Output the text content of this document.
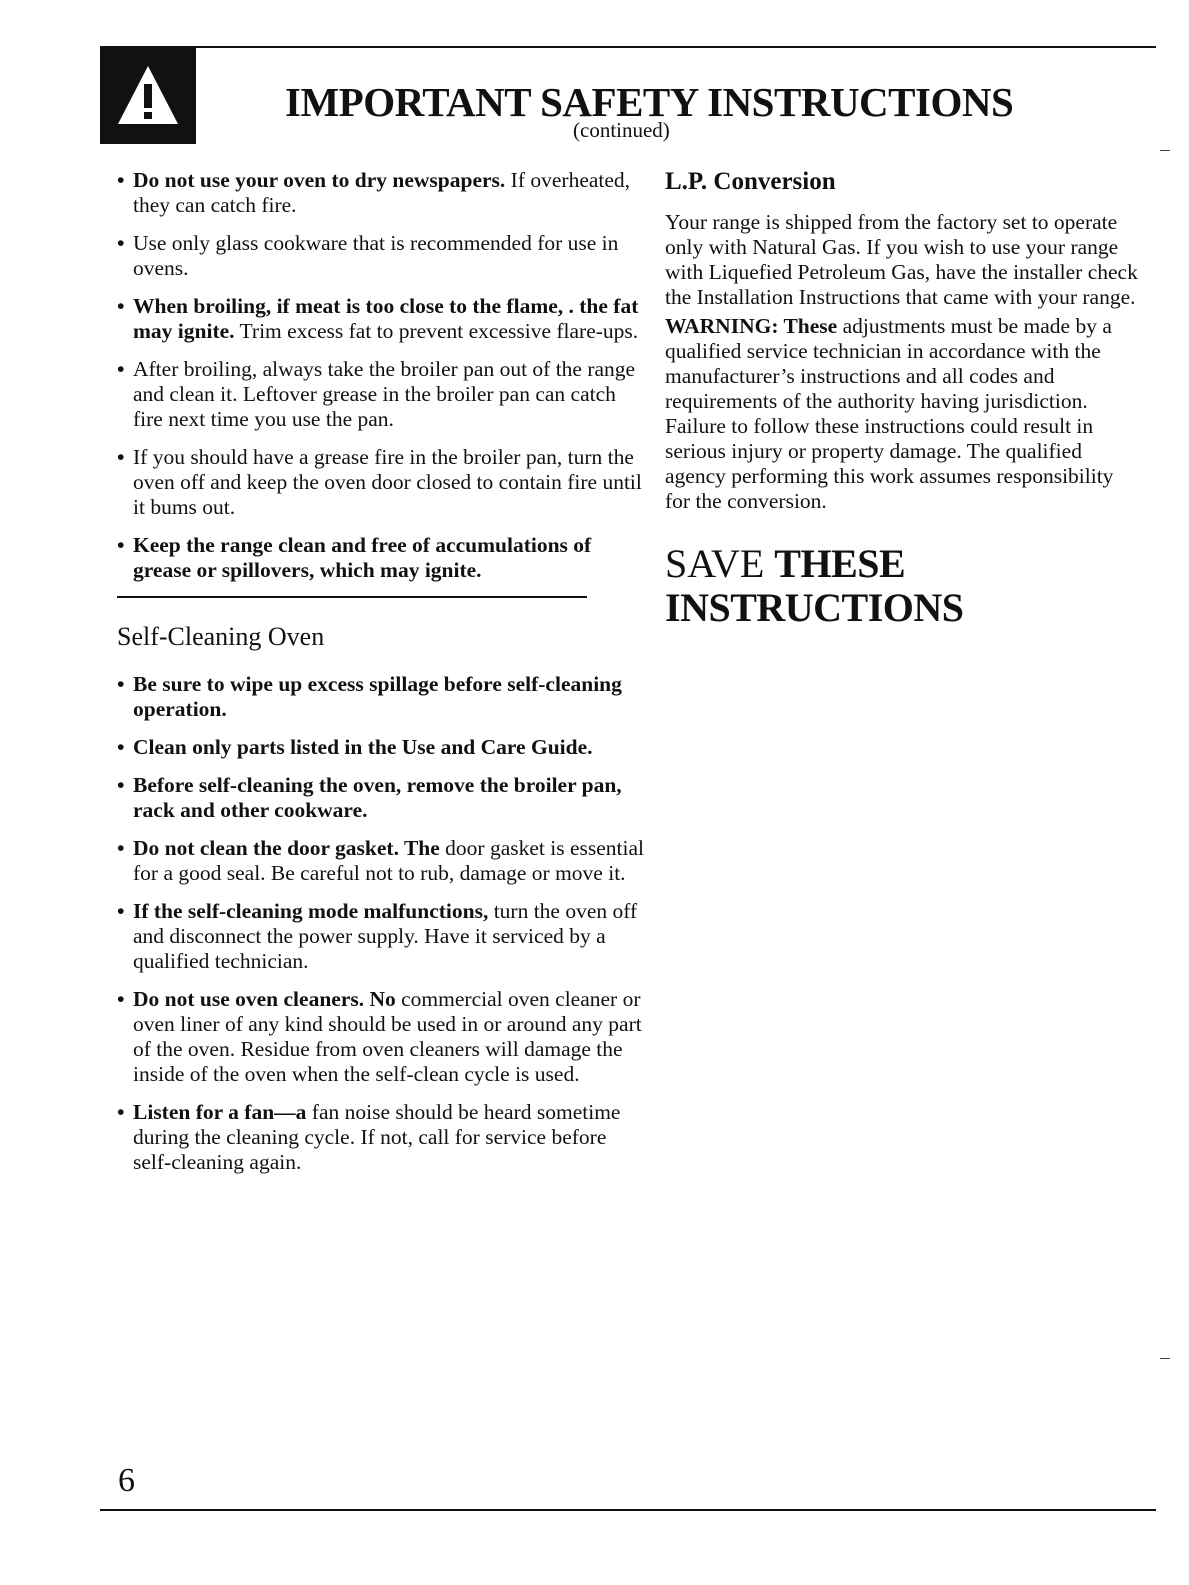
IMPORTANT SAFETY INSTRUCTIONS
(continued)
• Do not use your oven to dry newspapers. If overheated, they can catch fire.
• Use only glass cookware that is recommended for use in ovens.
• When broiling, if meat is too close to the flame, . the fat may ignite. Trim excess fat to prevent excessive flare-ups.
• After broiling, always take the broiler pan out of the range and clean it. Leftover grease in the broiler pan can catch fire next time you use the pan.
• If you should have a grease fire in the broiler pan, turn the oven off and keep the oven door closed to contain fire until it bums out.
• Keep the range clean and free of accumulations of grease or spillovers, which may ignite.
Self-Cleaning Oven
• Be sure to wipe up excess spillage before self-cleaning operation.
• Clean only parts listed in the Use and Care Guide.
• Before self-cleaning the oven, remove the broiler pan, rack and other cookware.
• Do not clean the door gasket. The door gasket is essential for a good seal. Be careful not to rub, damage or move it.
• If the self-cleaning mode malfunctions, turn the oven off and disconnect the power supply. Have it serviced by a qualified technician.
• Do not use oven cleaners. No commercial oven cleaner or oven liner of any kind should be used in or around any part of the oven. Residue from oven cleaners will damage the inside of the oven when the self-clean cycle is used.
• Listen for a fan—a fan noise should be heard sometime during the cleaning cycle. If not, call for service before self-cleaning again.
L.P. Conversion
Your range is shipped from the factory set to operate only with Natural Gas. If you wish to use your range with Liquefied Petroleum Gas, have the installer check the Installation Instructions that came with your range.
WARNING: These adjustments must be made by a qualified service technician in accordance with the manufacturer’s instructions and all codes and requirements of the authority having jurisdiction. Failure to follow these instructions could result in serious injury or property damage. The qualified agency performing this work assumes responsibility for the conversion.
SAVE THESE
INSTRUCTIONS
6
